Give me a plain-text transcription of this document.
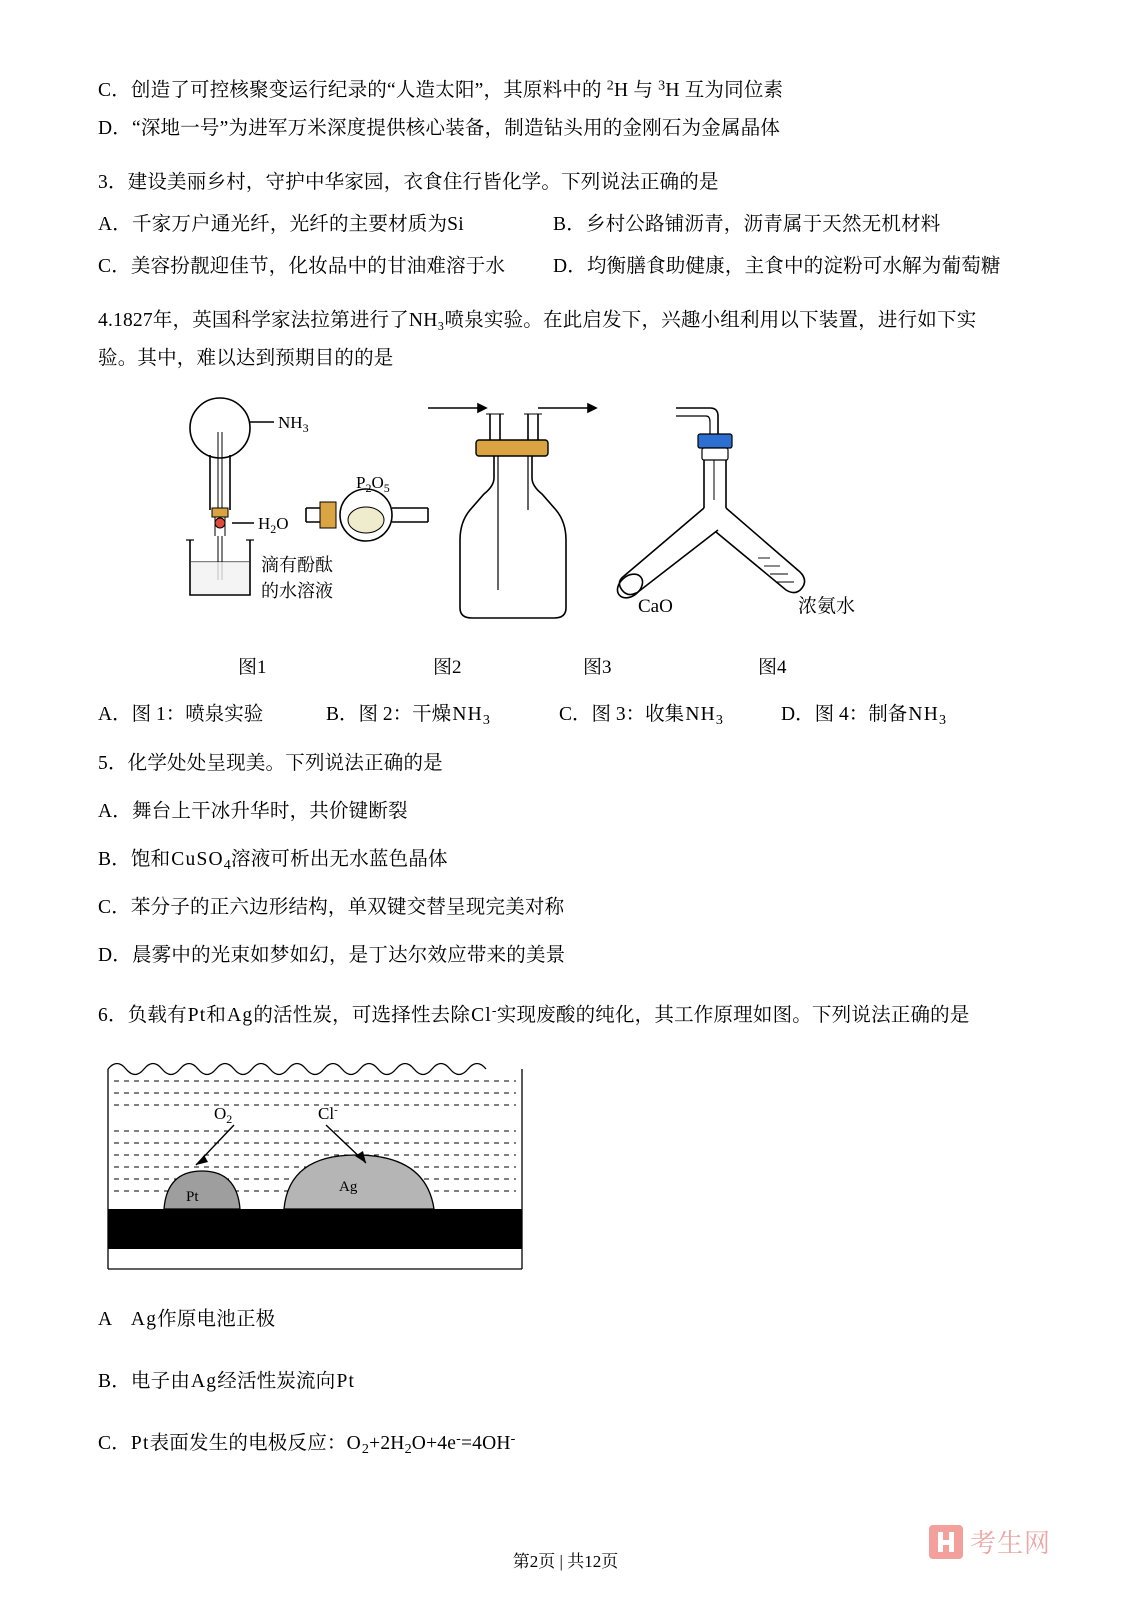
C．创造了可控核聚变运行纪录的“人造太阳”，其原料中的 $^2$H 与 $^3$H 互为同位素
D．“深地一号”为进军万米深度提供核心装备，制造钻头用的金刚石为金属晶体
3．建设美丽乡村，守护中华家园，衣食住行皆化学。下列说法正确的是
A．千家万户通光纤，光纤的主要材质为Si	B．乡村公路铺沥青，沥青属于天然无机材料
C．美容扮靓迎佳节，化妆品中的甘油难溶于水	D．均衡膳食助健康，主食中的淀粉可水解为葡萄糖
4.1827年，英国科学家法拉第进行了NH₃喷泉实验。在此启发下，兴趣小组利用以下装置，进行如下实
验。其中，难以达到预期目的的是
$NH_3$
$H_2O$
滴有酚酞
的水溶液
$P_2O_5$
CaO	浓氨水
图1	图2	图3	图4
A．图 1：喷泉实验	B．图 2：干燥$NH_3$	C．图 3：收集$NH_3$	D．图 4：制备$NH_3$
5．化学处处呈现美。下列说法正确的是
A．舞台上干冰升华时，共价键断裂
B．饱和CuSO$_4$溶液可析出无水蓝色晶体
C．苯分子的正六边形结构，单双键交替呈现完美对称
D．晨雾中的光束如梦如幻，是丁达尔效应带来的美景
6．负载有Pt和Ag的活性炭，可选择性去除Cl-实现废酸的纯化，其工作原理如图。下列说法正确的是
Pt
Ag
$O_2$	Cl-
A　Ag作原电池正极
B．电子由Ag经活性炭流向Pt
C．Pt表面发生的电极反应：$O_2+2H_2O+4e^-=4OH^-$
第2页 | 共12页
考生网
